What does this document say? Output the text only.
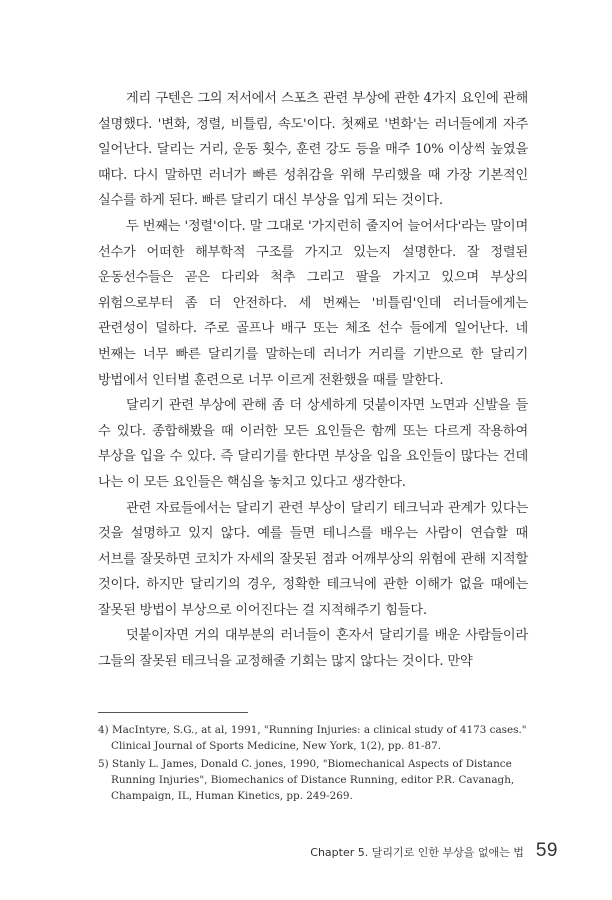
게리 구텐은 그의 저서에서 스포츠 관련 부상에 관한 4가지 요인에 관해 설명했다. '변화, 정렬, 비틀림, 속도'이다. 첫째로 '변화'는 러너들에게 자주 일어난다. 달리는 거리, 운동 횟수, 훈련 강도 등을 매주 10% 이상씩 높였을 때다. 다시 말하면 러너가 빠른 성취감을 위해 무리했을 때 가장 기본적인 실수를 하게 된다. 빠른 달리기 대신 부상을 입게 되는 것이다.

두 번째는 '정렬'이다. 말 그대로 '가지런히 줄지어 늘어서다'라는 말이며 선수가 어떠한 해부학적 구조를 가지고 있는지 설명한다. 잘 정렬된 운동선수들은 곧은 다리와 척추 그리고 팔을 가지고 있으며 부상의 위험으로부터 좀 더 안전하다. 세 번째는 '비틀림'인데 러너들에게는 관련성이 덜하다. 주로 골프나 배구 또는 체조 선수 들에게 일어난다. 네 번째는 너무 빠른 달리기를 말하는데 러너가 거리를 기반으로 한 달리기 방법에서 인터벌 훈련으로 너무 이르게 전환했을 때를 말한다.

달리기 관련 부상에 관해 좀 더 상세하게 덧붙이자면 노면과 신발을 들 수 있다. 종합해봤을 때 이러한 모든 요인들은 함께 또는 다르게 작용하여 부상을 입을 수 있다. 즉 달리기를 한다면 부상을 입을 요인들이 많다는 건데 나는 이 모든 요인들은 핵심을 놓치고 있다고 생각한다.

관련 자료들에서는 달리기 관련 부상이 달리기 테크닉과 관계가 있다는 것을 설명하고 있지 않다. 예를 들면 테니스를 배우는 사람이 연습할 때 서브를 잘못하면 코치가 자세의 잘못된 점과 어깨부상의 위험에 관해 지적할 것이다. 하지만 달리기의 경우, 정확한 테크닉에 관한 이해가 없을 때에는 잘못된 방법이 부상으로 이어진다는 걸 지적해주기 힘들다.

덧붙이자면 거의 대부분의 러너들이 혼자서 달리기를 배운 사람들이라 그들의 잘못된 테크닉을 교정해줄 기회는 많지 않다는 것이다. 만약

4) MacIntyre, S.G., at al, 1991, "Running Injuries: a clinical study of 4173 cases." Clinical Journal of Sports Medicine, New York, 1(2), pp. 81-87.

5) Stanly L. James, Donald C. jones, 1990, "Biomechanical Aspects of Distance Running Injuries", Biomechanics of Distance Running, editor P.R. Cavanagh, Champaign, IL, Human Kinetics, pp. 249-269.

Chapter 5. 달리기로 인한 부상을 없애는 법 59
